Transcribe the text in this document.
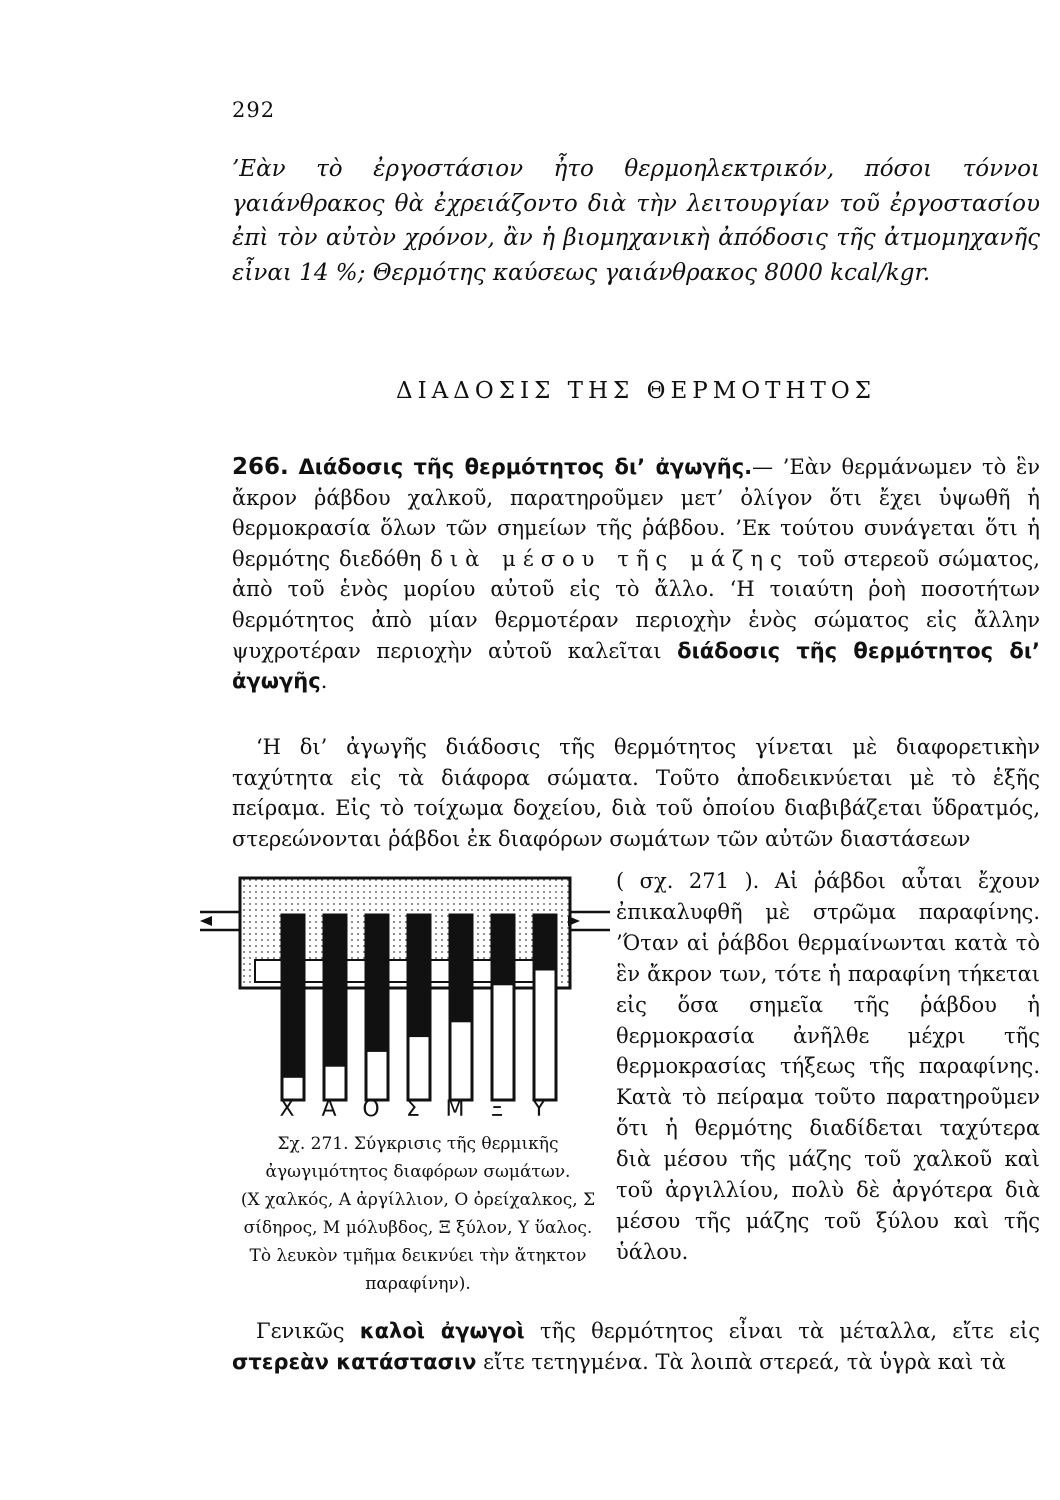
292
’Εὰν τὸ ἐργοστάσιον ἦτο θερμοηλεκτρικόν, πόσοι τόννοι γαιάνθρακος θὰ ἐχρειάζοντο διὰ τὴν λειτουργίαν τοῦ ἐργοστασίου ἐπὶ τὸν αὐτὸν χρόνον, ἂν ἡ βιομηχανικὴ ἀπόδοσις τῆς ἀτμομηχανῆς εἶναι 14 %; Θερμότης καύσεως γαιάνθρακος 8000 kcal/kgr.
ΔΙΑΔΟΣΙΣ ΤΗΣ ΘΕΡΜΟΤΗΤΟΣ
266. Διάδοσις τῆς θερμότητος δι’ ἀγωγῆς.— ’Εὰν θερμάνωμεν τὸ ἓν ἄκρον ῥάβδου χαλκοῦ, παρατηροῦμεν μετ’ ὀλίγον ὅτι ἔχει ὑψωθῆ ἡ θερμοκρασία ὅλων τῶν σημείων τῆς ῥάβδου. ’Εκ τούτου συνάγεται ὅτι ἡ θερμότης διεδόθη διὰ μέσου τῆς μάζης τοῦ στερεοῦ σώματος, ἀπὸ τοῦ ἑνὸς μορίου αὐτοῦ εἰς τὸ ἄλλο. ‘Η τοιαύτη ῥοὴ ποσοτήτων θερμότητος ἀπὸ μίαν θερμοτέραν περιοχὴν ἑνὸς σώματος εἰς ἄλλην ψυχροτέραν περιοχὴν αὐτοῦ καλεῖται διάδοσις τῆς θερμότητος δι’ ἀγωγῆς.
‘Η δι’ ἀγωγῆς διάδοσις τῆς θερμότητος γίνεται μὲ διαφορετικὴν ταχύτητα εἰς τὰ διάφορα σώματα. Τοῦτο ἀποδεικνύεται μὲ τὸ ἑξῆς πείραμα. Εἰς τὸ τοίχωμα δοχείου, διὰ τοῦ ὁποίου διαβιβάζεται ὕδρατμός, στερεώνονται ῥάβδοι ἐκ διαφόρων σωμάτων τῶν αὐτῶν διαστάσεων
Χ	Α	Ο	Σ	Μ	Ξ	Υ
Σχ. 271. Σύγκρισις τῆς θερμικῆς ἀγωγιμότητος διαφόρων σωμάτων.
(Χ χαλκός, Α ἀργίλλιον, Ο ὀρείχαλκος, Σ σίδηρος, Μ μόλυβδος, Ξ ξύλον, Υ ὕαλος. Τὸ λευκὸν τμῆμα δεικνύει τὴν ἄτηκτον παραφίνην).
( σχ. 271 ). Αἱ ῥάβδοι αὗται ἔχουν ἐπικαλυφθῆ μὲ στρῶμα παραφίνης. ’Όταν αἱ ῥάβδοι θερμαίνωνται κατὰ τὸ ἓν ἄκρον των, τότε ἡ παραφίνη τήκεται εἰς ὅσα σημεῖα τῆς ῥάβδου ἡ θερμοκρασία ἀνῆλθε μέχρι τῆς θερμοκρασίας τήξεως τῆς παραφίνης. Κατὰ τὸ πείραμα τοῦτο παρατηροῦμεν ὅτι ἡ θερμότης διαδίδεται ταχύτερα διὰ μέσου τῆς μάζης τοῦ χαλκοῦ καὶ τοῦ ἀργιλλίου, πολὺ δὲ ἀργότερα διὰ μέσου τῆς μάζης τοῦ ξύλου καὶ τῆς ὑάλου.
Γενικῶς καλοὶ ἀγωγοὶ τῆς θερμότητος εἶναι τὰ μέταλλα, εἴτε εἰς στερεὰν κατάστασιν εἴτε τετηγμένα. Τὰ λοιπὰ στερεά, τὰ ὑγρὰ καὶ τὰ
